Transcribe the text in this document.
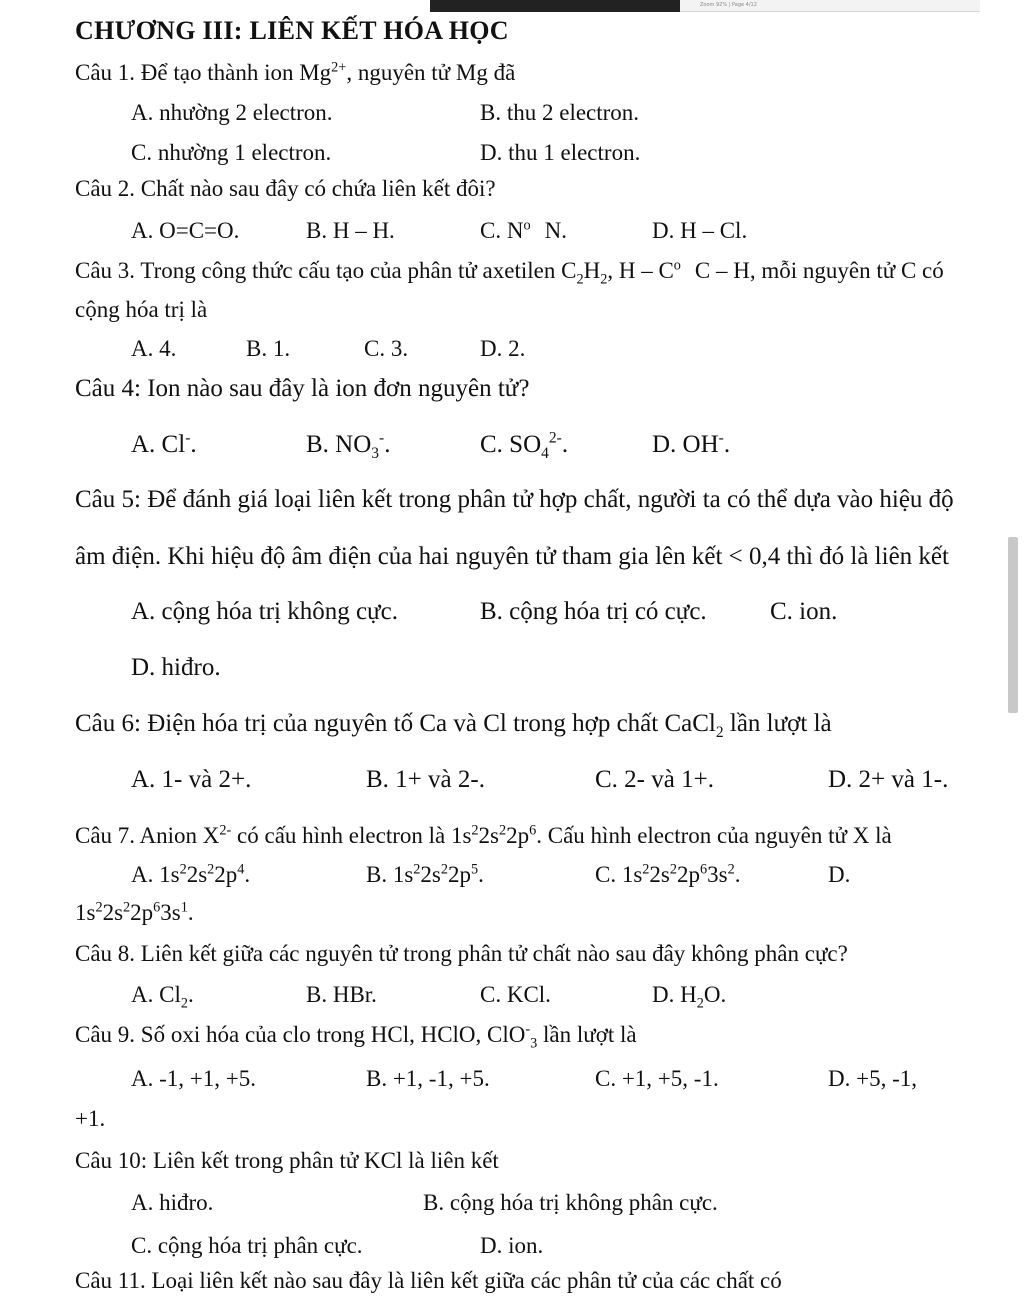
Zoom 92% | Page 4/12
CHƯƠNG III: LIÊN KẾT HÓA HỌC
Câu 1. Để tạo thành ion $Mg^{2+}$, nguyên tử Mg đã
A. nhường 2 electron.	B. thu 2 electron.
C. nhường 1 electron.	D. thu 1 electron.
Câu 2. Chất nào sau đây có chứa liên kết đôi?
A. O=C=O.	B. H – H.	C. $N^o$ N.	D. H – Cl.
Câu 3. Trong công thức cấu tạo của phân tử axetilen $C_2H_2$, H – $C^o$ C – H, mỗi nguyên tử C có
cộng hóa trị là
A. 4.	B. 1.	C. 3.	D. 2.
Câu 4: Ion nào sau đây là ion đơn nguyên tử?
A. Cl-.	B. $NO_3^-$.	C. $SO_4^{2-}$.	D. OH-.
Câu 5: Để đánh giá loại liên kết trong phân tử hợp chất, người ta có thể dựa vào hiệu độ
âm điện. Khi hiệu độ âm điện của hai nguyên tử tham gia lên kết < 0,4 thì đó là liên kết
A. cộng hóa trị không cực.	B. cộng hóa trị có cực.	C. ion.
D. hiđro.
Câu 6: Điện hóa trị của nguyên tố Ca và Cl trong hợp chất CaCl$_2$ lần lượt là
A. 1- và 2+.	B. 1+ và 2-.	C. 2- và 1+.	D. 2+ và 1-.
Câu 7. Anion $X^{2-}$ có cấu hình electron là $1s^22s^22p^6$. Cấu hình electron của nguyên tử X là
A. $1s^22s^22p^4$.	B. $1s^22s^22p^5$.	C. $1s^22s^22p^63s^2$.	D.
$1s^22s^22p^63s^1$.
Câu 8. Liên kết giữa các nguyên tử trong phân tử chất nào sau đây không phân cực?
A. $Cl_2$.	B. HBr.	C. KCl.	D. $H_2O$.
Câu 9. Số oxi hóa của clo trong HCl, HClO, ClO-$_3$ lần lượt là
A. -1, +1, +5.	B. +1, -1, +5.	C. +1, +5, -1.	D. +5, -1,
+1.
Câu 10: Liên kết trong phân tử KCl là liên kết
A. hiđro.	B. cộng hóa trị không phân cực.
C. cộng hóa trị phân cực.	D. ion.
Câu 11. Loại liên kết nào sau đây là liên kết giữa các phân tử của các chất có
